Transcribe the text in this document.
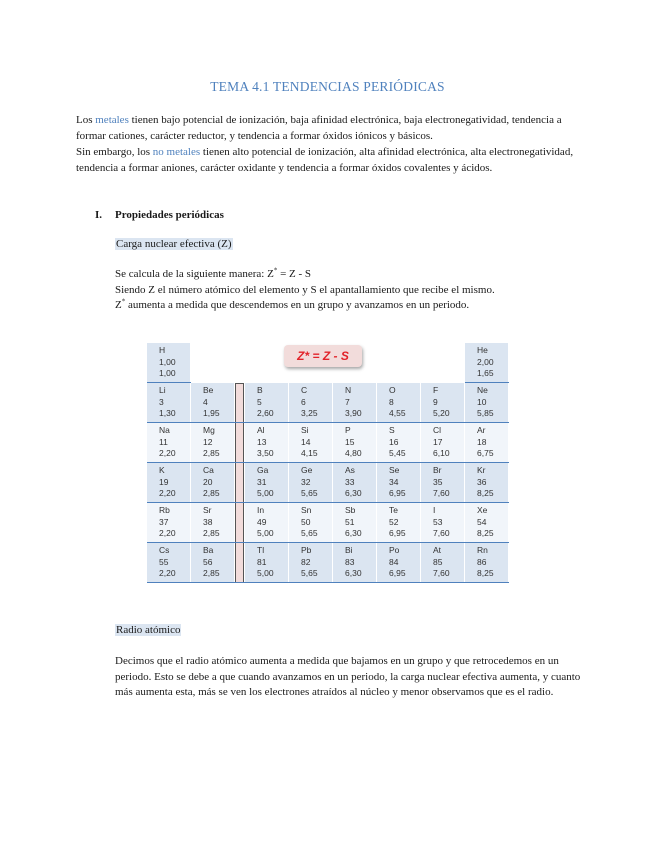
TEMA 4.1 TENDENCIAS PERIÓDICAS
Los metales tienen bajo potencial de ionización, baja afinidad electrónica, baja electronegatividad, tendencia a formar cationes, carácter reductor, y tendencia a formar óxidos iónicos y básicos.
Sin embargo, los no metales tienen alto potencial de ionización, alta afinidad electrónica, alta electronegatividad, tendencia a formar aniones, carácter oxidante y tendencia a formar óxidos covalentes y ácidos.
I. Propiedades periódicas
Carga nuclear efectiva (Z)
Se calcula de la siguiente manera: Z* = Z - S
Siendo Z el número atómico del elemento y S el apantallamiento que recibe el mismo.
Z* aumenta a medida que descendemos en un grupo y avanzamos en un periodo.
H
1,00
1,00
He
2,00
1,65
Li
3
1,30
Be
4
1,95
B
5
2,60
C
6
3,25
N
7
3,90
O
8
4,55
F
9
5,20
Ne
10
5,85
Na
11
2,20
Mg
12
2,85
Al
13
3,50
Si
14
4,15
P
15
4,80
S
16
5,45
Cl
17
6,10
Ar
18
6,75
K
19
2,20
Ca
20
2,85
Ga
31
5,00
Ge
32
5,65
As
33
6,30
Se
34
6,95
Br
35
7,60
Kr
36
8,25
Rb
37
2,20
Sr
38
2,85
In
49
5,00
Sn
50
5,65
Sb
51
6,30
Te
52
6,95
I
53
7,60
Xe
54
8,25
Cs
55
2,20
Ba
56
2,85
Tl
81
5,00
Pb
82
5,65
Bi
83
6,30
Po
84
6,95
At
85
7,60
Rn
86
8,25
Z* = Z - S
Radio atómico
Decimos que el radio atómico aumenta a medida que bajamos en un grupo y que retrocedemos en un periodo. Esto se debe a que cuando avanzamos en un periodo, la carga nuclear efectiva aumenta, y cuanto más aumenta esta, más se ven los electrones atraídos al núcleo y menor observamos que es el radio.
